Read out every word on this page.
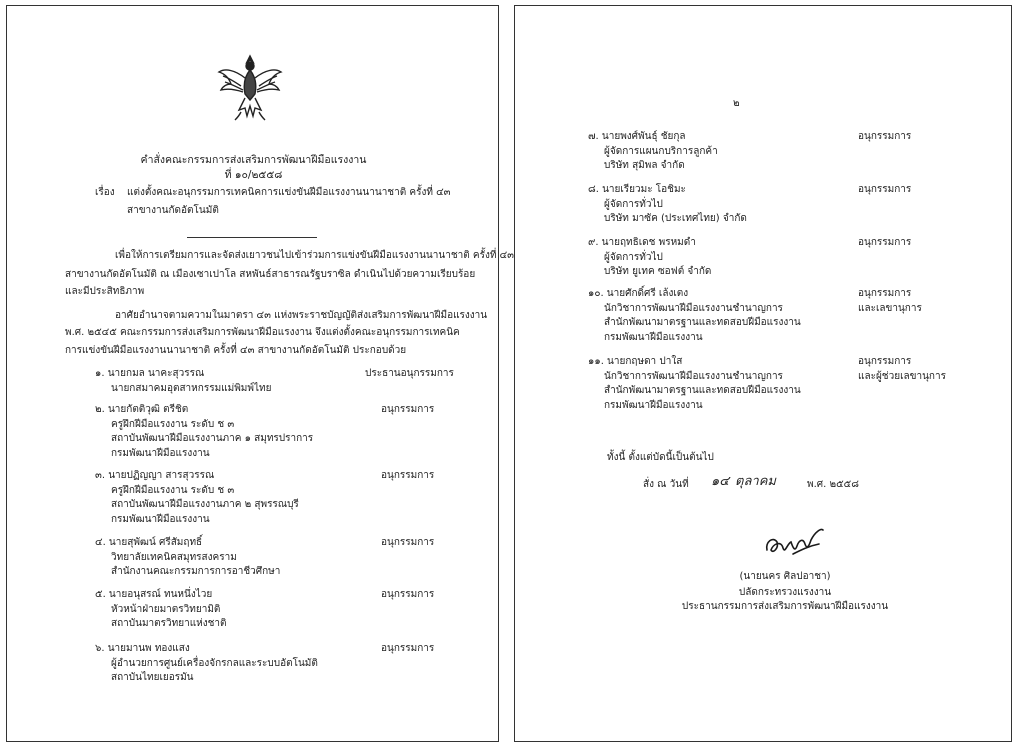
คำสั่งคณะกรรมการส่งเสริมการพัฒนาฝีมือแรงงาน
ที่ ๑๐/๒๕๕๘
เรื่อง แต่งตั้งคณะอนุกรรมการเทคนิคการแข่งขันฝีมือแรงงานนานาชาติ ครั้งที่ ๔๓
สาขางานกัดอัตโนมัติ
เพื่อให้การเตรียมการและจัดส่งเยาวชนไปเข้าร่วมการแข่งขันฝีมือแรงงานนานาชาติ ครั้งที่ ๔๓
สาขางานกัดอัตโนมัติ ณ เมืองเซาเปาโล สหพันธ์สาธารณรัฐบราซิล ดำเนินไปด้วยความเรียบร้อย
และมีประสิทธิภาพ
อาศัยอำนาจตามความในมาตรา ๔๓ แห่งพระราชบัญญัติส่งเสริมการพัฒนาฝีมือแรงงาน
พ.ศ. ๒๕๔๕ คณะกรรมการส่งเสริมการพัฒนาฝีมือแรงงาน จึงแต่งตั้งคณะอนุกรรมการเทคนิค
การแข่งขันฝีมือแรงงานนานาชาติ ครั้งที่ ๔๓ สาขางานกัดอัตโนมัติ ประกอบด้วย
๑. นายกมล นาคะสุวรรณ
นายกสมาคมอุตสาหกรรมแม่พิมพ์ไทย
ประธานอนุกรรมการ
๒. นายกัตติวุฒิ ตรีชิต
ครูฝึกฝีมือแรงงาน ระดับ ช ๓
สถาบันพัฒนาฝีมือแรงงานภาค ๑ สมุทรปราการ
กรมพัฒนาฝีมือแรงงาน
อนุกรรมการ
๓. นายปฏิญญา สารสุวรรณ
ครูฝึกฝีมือแรงงาน ระดับ ช ๓
สถาบันพัฒนาฝีมือแรงงานภาค ๒ สุพรรณบุรี
กรมพัฒนาฝีมือแรงงาน
อนุกรรมการ
๔. นายสุพัฒน์ ศรีสัมฤทธิ์
วิทยาลัยเทคนิคสมุทรสงคราม
สำนักงานคณะกรรมการการอาชีวศึกษา
อนุกรรมการ
๕. นายอนุสรณ์ ทนหนึ่งไวย
หัวหน้าฝ่ายมาตรวิทยามิติ
สถาบันมาตรวิทยาแห่งชาติ
อนุกรรมการ
๖. นายมานพ ทองแสง
ผู้อำนวยการศูนย์เครื่องจักรกลและระบบอัตโนมัติ
สถาบันไทยเยอรมัน
อนุกรรมการ
๒
๗. นายพงศ์พันธุ์ ชัยกุล
ผู้จัดการแผนกบริการลูกค้า
บริษัท สุมิพล จำกัด
อนุกรรมการ
๘. นายเรียวมะ โอชิมะ
ผู้จัดการทั่วไป
บริษัท มาซัค (ประเทศไทย) จำกัด
อนุกรรมการ
๙. นายฤทธิเดช พรหมดำ
ผู้จัดการทั่วไป
บริษัท ยูเทค ซอฟต์ จำกัด
อนุกรรมการ
๑๐. นายศักดิ์ศรี เล้งเตง
นักวิชาการพัฒนาฝีมือแรงงานชำนาญการ
สำนักพัฒนามาตรฐานและทดสอบฝีมือแรงงาน
กรมพัฒนาฝีมือแรงงาน
อนุกรรมการ
และเลขานุการ
๑๑. นายกฤษดา ปาใส
นักวิชาการพัฒนาฝีมือแรงงานชำนาญการ
สำนักพัฒนามาตรฐานและทดสอบฝีมือแรงงาน
กรมพัฒนาฝีมือแรงงาน
อนุกรรมการ
และผู้ช่วยเลขานุการ
ทั้งนี้ ตั้งแต่บัดนี้เป็นต้นไป
สั่ง ณ วันที่ ๑๔ ตุลาคม	พ.ศ. ๒๕๕๘
(นายนคร ศิลปอาชา)
ปลัดกระทรวงแรงงาน
ประธานกรรมการส่งเสริมการพัฒนาฝีมือแรงงาน
